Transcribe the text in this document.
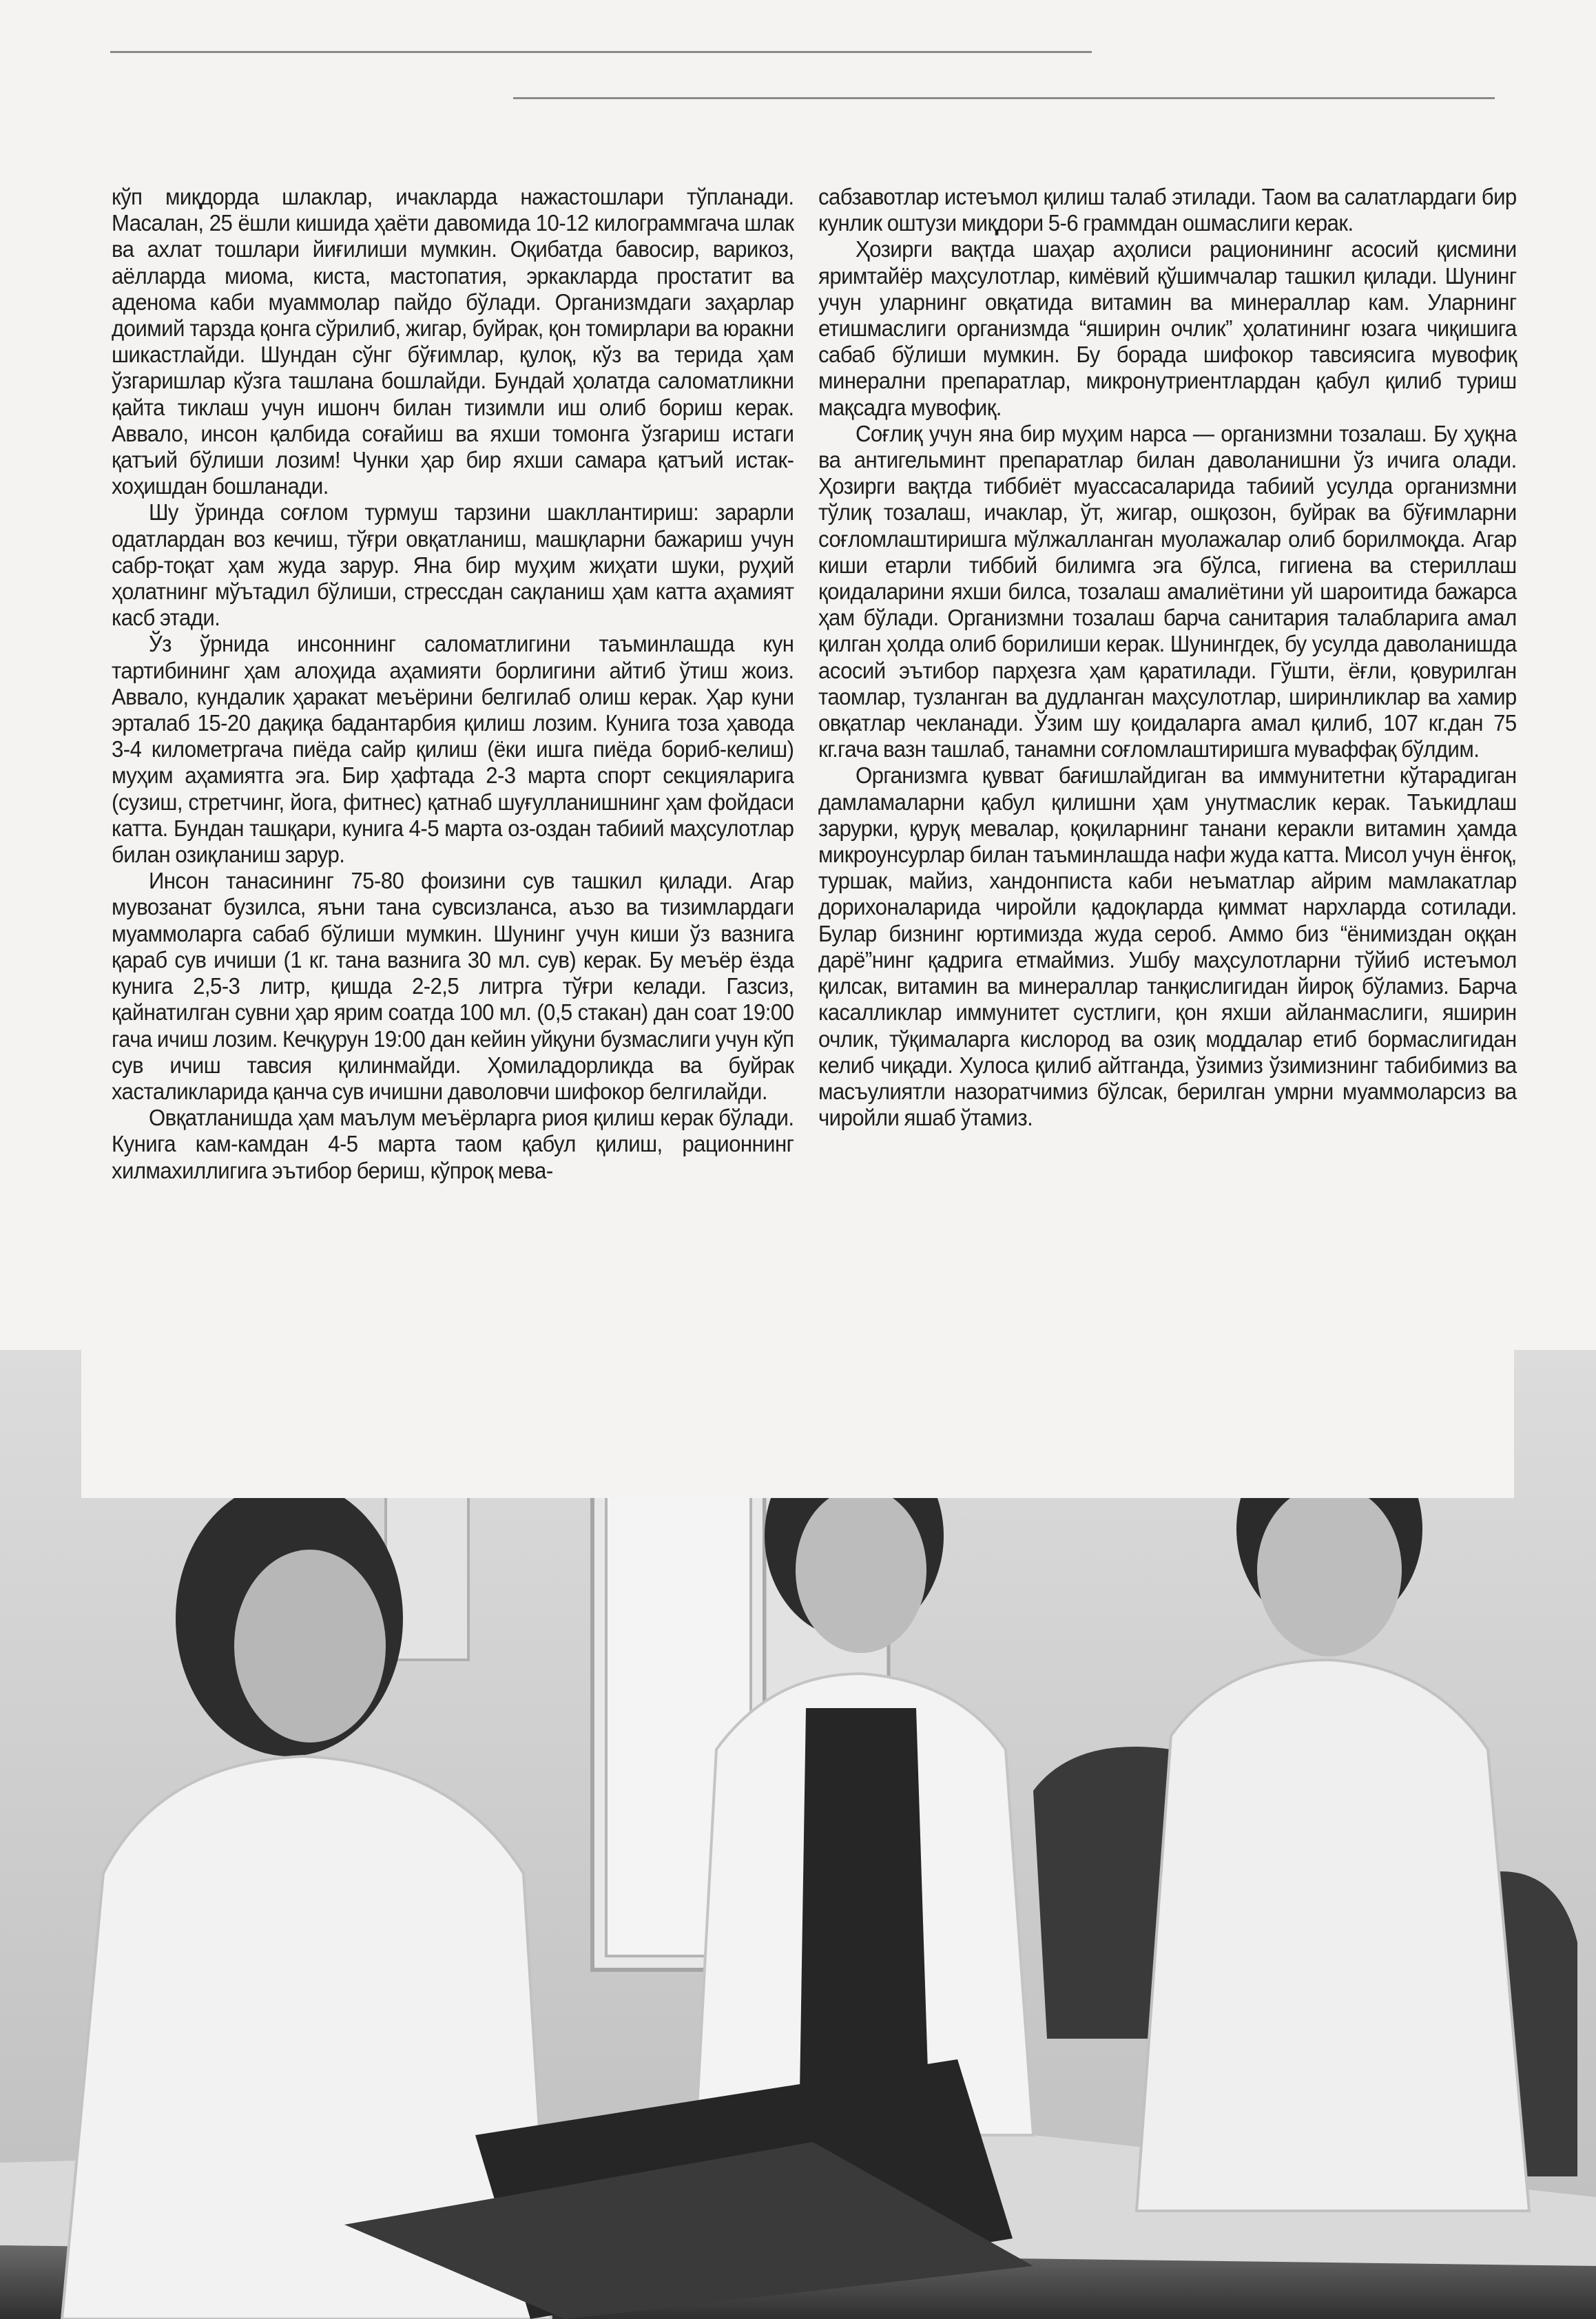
кўп миқдорда шлаклар, ичакларда нажастошлари тўпланади. Масалан, 25 ёшли кишида ҳаёти давомида 10-12 килограммгача шлак ва ахлат тошлари йиғилиши мумкин. Оқибатда бавосир, варикоз, аёлларда миома, киста, мастопатия, эркакларда простатит ва аденома каби муаммолар пайдо бўлади. Организмдаги заҳарлар доимий тарзда қонга сўрилиб, жигар, буйрак, қон томирлари ва юракни шикастлайди. Шундан сўнг бўғимлар, қулоқ, кўз ва терида ҳам ўзгаришлар кўзга ташлана бошлайди. Бундай ҳолатда саломатликни қайта тиклаш учун ишонч билан тизимли иш олиб бориш керак. Аввало, инсон қалбида соғайиш ва яхши томонга ўзгариш истаги қатъий бўлиши лозим! Чунки ҳар бир яхши самара қатъий истак-хоҳишдан бошланади.

Шу ўринда соғлом турмуш тарзини шакллантириш: зарарли одатлардан воз кечиш, тўғри овқатланиш, машқларни бажариш учун сабр-тоқат ҳам жуда зарур. Яна бир муҳим жиҳати шуки, руҳий ҳолатнинг мўътадил бўлиши, стрессдан сақланиш ҳам катта аҳамият касб этади.

Ўз ўрнида инсоннинг саломатлигини таъминлашда кун тартибининг ҳам алоҳида аҳамияти борлигини айтиб ўтиш жоиз. Аввало, кундалик ҳаракат меъёрини белгилаб олиш керак. Ҳар куни эрталаб 15-20 дақиқа бадантарбия қилиш лозим. Кунига тоза ҳавода 3-4 километргача пиёда сайр қилиш (ёки ишга пиёда бориб-келиш) муҳим аҳамиятга эга. Бир ҳафтада 2-3 марта спорт секцияларига (сузиш, стретчинг, йога, фитнес) қатнаб шуғулланишнинг ҳам фойдаси катта. Бундан ташқари, кунига 4-5 марта оз-оздан табиий маҳсулотлар билан озиқланиш зарур.

Инсон танасининг 75-80 фоизини сув ташкил қилади. Агар мувозанат бузилса, яъни тана сувсизланса, аъзо ва тизимлардаги муаммоларга сабаб бўлиши мумкин. Шунинг учун киши ўз вазнига қараб сув ичиши (1 кг. тана вазнига 30 мл. сув) керак. Бу меъёр ёзда кунига 2,5-3 литр, қишда 2-2,5 литрга тўғри келади. Газсиз, қайнатилган сувни ҳар ярим соатда 100 мл. (0,5 стакан) дан соат 19:00 гача ичиш лозим. Кечқурун 19:00 дан кейин уйқуни бузмаслиги учун кўп сув ичиш тавсия қилинмайди. Ҳомиладорликда ва буйрак хасталикларида қанча сув ичишни даволовчи шифокор белгилайди.

Овқатланишда ҳам маълум меъёрларга риоя қилиш керак бўлади. Кунига кам-камдан 4-5 марта таом қабул қилиш, рационнинг хилмахиллигига эътибор бериш, кўпроқ мева-

сабзавотлар истеъмол қилиш талаб этилади. Таом ва салатлардаги бир кунлик оштузи миқдори 5-6 граммдан ошмаслиги керак.

Ҳозирги вақтда шаҳар аҳолиси рационининг асосий қисмини яримтайёр маҳсулотлар, кимёвий қўшимчалар ташкил қилади. Шунинг учун уларнинг овқатида витамин ва минераллар кам. Уларнинг етишмаслиги организмда “яширин очлик” ҳолатининг юзага чиқишига сабаб бўлиши мумкин. Бу борада шифокор тавсиясига мувофиқ минерални препаратлар, микронутриентлардан қабул қилиб туриш мақсадга мувофиқ.

Соғлиқ учун яна бир муҳим нарса — организмни тозалаш. Бу ҳуқна ва антигельминт препаратлар билан даволанишни ўз ичига олади. Ҳозирги вақтда тиббиёт муассасаларида табиий усулда организмни тўлиқ тозалаш, ичаклар, ўт, жигар, ошқозон, буйрак ва бўғимларни соғломлаштиришга мўлжалланган муолажалар олиб борилмоқда. Агар киши етарли тиббий билимга эга бўлса, гигиена ва стериллаш қоидаларини яхши билса, тозалаш амалиётини уй шароитида бажарса ҳам бўлади. Организмни тозалаш барча санитария талабларига амал қилган ҳолда олиб борилиши керак. Шунингдек, бу усулда даволанишда асосий эътибор парҳезга ҳам қаратилади. Гўшти, ёғли, қовурилган таомлар, тузланган ва дудланган маҳсулотлар, ширинликлар ва хамир овқатлар чекланади. Ўзим шу қоидаларга амал қилиб, 107 кг.дан 75 кг.гача вазн ташлаб, танамни соғломлаштиришга муваффақ бўлдим.

Организмга қувват бағишлайдиган ва иммунитетни кўтарадиган дамламаларни қабул қилишни ҳам унутмаслик керак. Таъкидлаш зарурки, қуруқ мевалар, қоқиларнинг танани керакли витамин ҳамда микроунсурлар билан таъминлашда нафи жуда катта. Мисол учун ёнғоқ, туршак, майиз, хандонписта каби неъматлар айрим мамлакатлар дорихоналарида чиройли қадоқларда қиммат нархларда сотилади. Булар бизнинг юртимизда жуда сероб. Аммо биз “ёнимиздан оққан дарё”нинг қадрига етмаймиз. Ушбу маҳсулотларни тўйиб истеъмол қилсак, витамин ва минераллар танқислигидан йироқ бўламиз. Барча касалликлар иммунитет сустлиги, қон яхши айланмаслиги, яширин очлик, тўқималарга кислород ва озиқ моддалар етиб бормаслигидан келиб чиқади. Хулоса қилиб айтганда, ўзимиз ўзимизнинг табибимиз ва масъулиятли назоратчимиз бўлсак, берилган умрни муаммоларсиз ва чиройли яшаб ўтамиз.
